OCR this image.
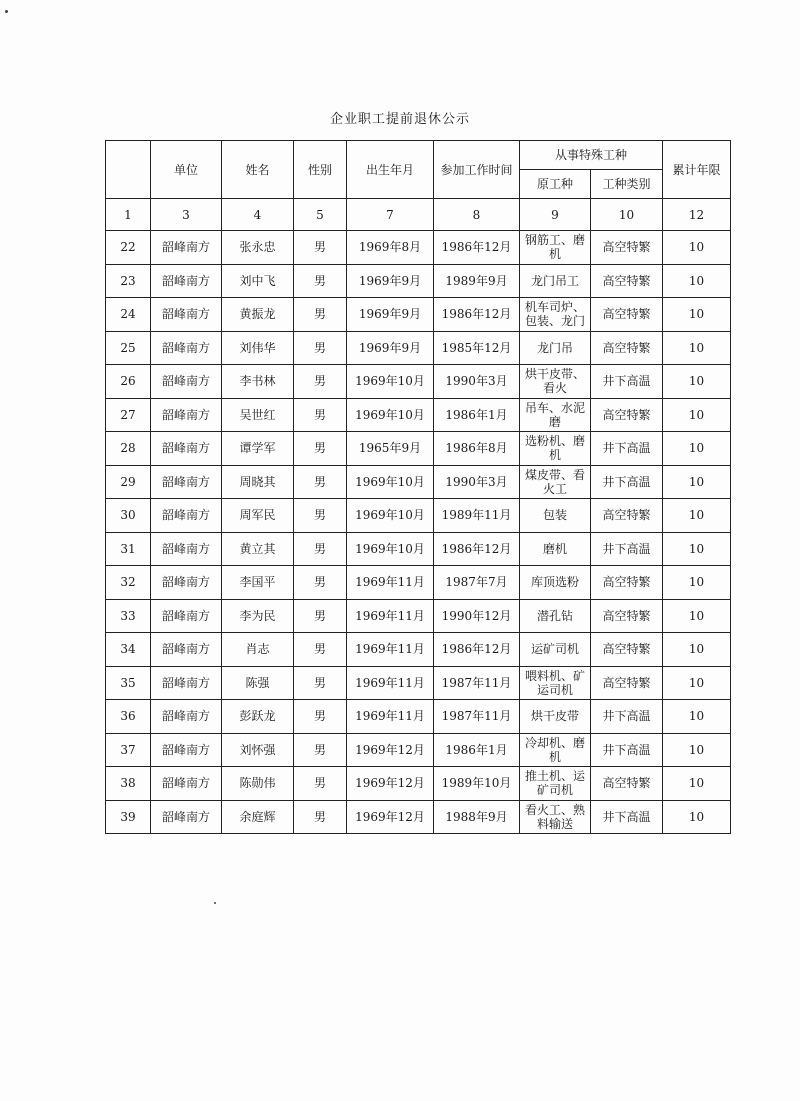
企业职工提前退休公示
	单位	姓名	性别	出生年月	参加工作时间	从事特殊工种		累计年限
						原工种	工种类别	
1	3	4	5	7	8	9	10	12
22	韶峰南方	张永忠	男	1969年8月	1986年12月	钢筋工、磨机	高空特繁	10
23	韶峰南方	刘中飞	男	1969年9月	1989年9月	龙门吊工	高空特繁	10
24	韶峰南方	黄振龙	男	1969年9月	1986年12月	机车司炉、包装、龙门	高空特繁	10
25	韶峰南方	刘伟华	男	1969年9月	1985年12月	龙门吊	高空特繁	10
26	韶峰南方	李书林	男	1969年10月	1990年3月	烘干皮带、看火	井下高温	10
27	韶峰南方	吴世红	男	1969年10月	1986年1月	吊车、水泥磨	高空特繁	10
28	韶峰南方	谭学军	男	1965年9月	1986年8月	选粉机、磨机	井下高温	10
29	韶峰南方	周晓其	男	1969年10月	1990年3月	煤皮带、看火工	井下高温	10
30	韶峰南方	周军民	男	1969年10月	1989年11月	包装	高空特繁	10
31	韶峰南方	黄立其	男	1969年10月	1986年12月	磨机	井下高温	10
32	韶峰南方	李国平	男	1969年11月	1987年7月	库顶选粉	高空特繁	10
33	韶峰南方	李为民	男	1969年11月	1990年12月	潜孔钻	高空特繁	10
34	韶峰南方	肖志	男	1969年11月	1986年12月	运矿司机	高空特繁	10
35	韶峰南方	陈强	男	1969年11月	1987年11月	喂料机、矿运司机	高空特繁	10
36	韶峰南方	彭跃龙	男	1969年11月	1987年11月	烘干皮带	井下高温	10
37	韶峰南方	刘怀强	男	1969年12月	1986年1月	冷却机、磨机	井下高温	10
38	韶峰南方	陈勋伟	男	1969年12月	1989年10月	推土机、运矿司机	高空特繁	10
39	韶峰南方	余庭辉	男	1969年12月	1988年9月	看火工、熟料输送	井下高温	10
